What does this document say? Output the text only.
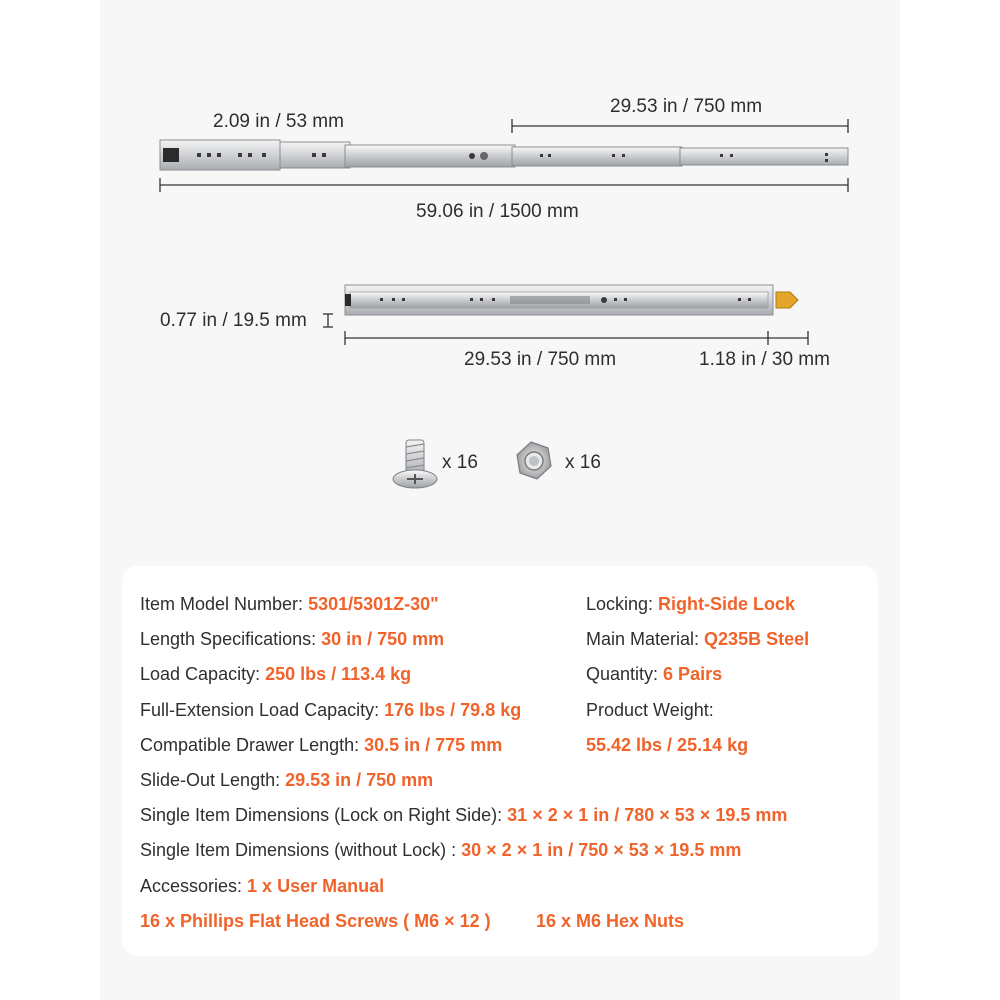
2.09 in / 53 mm
29.53 in / 750 mm
59.06 in / 1500 mm
0.77 in / 19.5 mm
29.53 in / 750 mm	1.18 in / 30 mm
x 16	x 16
Item Model Number: 5301/5301Z-30"
Length Specifications: 30 in / 750 mm
Load Capacity: 250 lbs / 113.4 kg
Full-Extension Load Capacity: 176 lbs / 79.8 kg
Compatible Drawer Length: 30.5 in / 775 mm
Slide-Out Length: 29.53 in / 750 mm
Single Item Dimensions (Lock on Right Side): 31 × 2 × 1 in / 780 × 53 × 19.5 mm
Single Item Dimensions (without Lock) : 30 × 2 × 1 in / 750 × 53 × 19.5 mm
Accessories: 1 x User Manual
16 x Phillips Flat Head Screws ( M6 × 12 )	16 x M6 Hex Nuts
Locking: Right-Side Lock
Main Material: Q235B Steel
Quantity: 6 Pairs
Product Weight:
55.42 lbs / 25.14 kg
